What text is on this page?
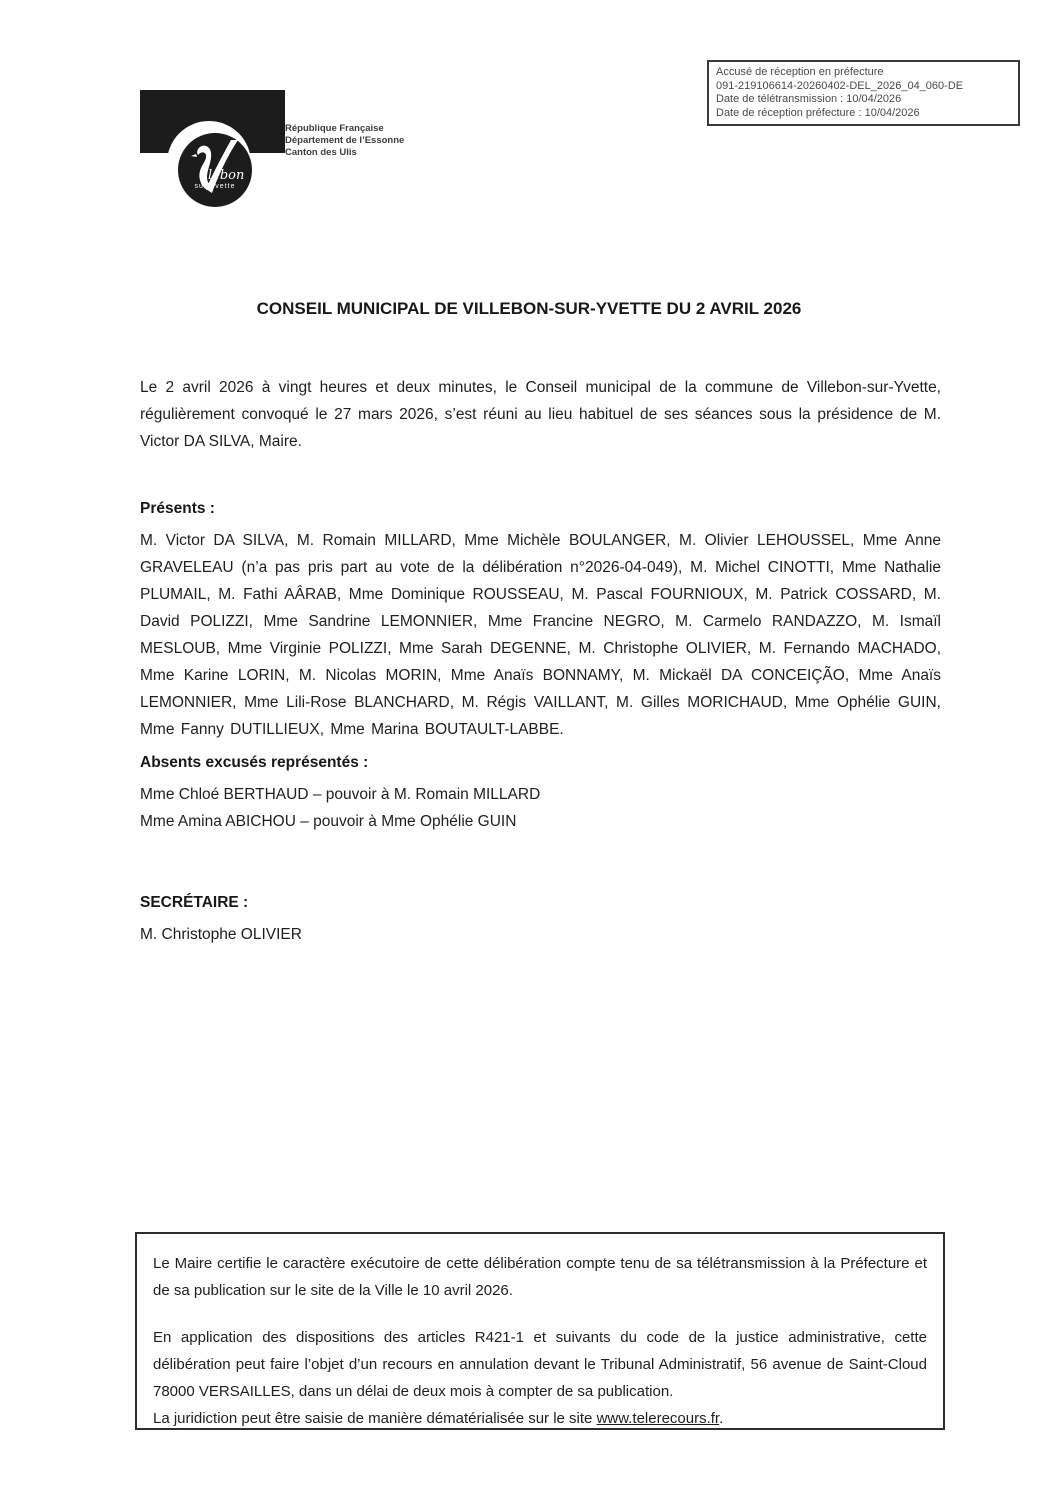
Accusé de réception en préfecture
091-219106614-20260402-DEL_2026_04_060-DE
Date de télétransmission : 10/04/2026
Date de réception préfecture : 10/04/2026
illebon
sur Yvette
République Française
Département de l’Essonne
Canton des Ulis
CONSEIL MUNICIPAL DE VILLEBON-SUR-YVETTE DU 2 AVRIL 2026
Le 2 avril 2026 à vingt heures et deux minutes, le Conseil municipal de la commune de Villebon-sur-Yvette, régulièrement convoqué le 27 mars 2026, s’est réuni au lieu habituel de ses séances sous la présidence de M. Victor DA SILVA, Maire.
Présents :
M. Victor DA SILVA, M. Romain MILLARD, Mme Michèle BOULANGER, M. Olivier LEHOUSSEL, Mme Anne GRAVELEAU (n’a pas pris part au vote de la délibération n°2026-04-049), M. Michel CINOTTI, Mme Nathalie PLUMAIL, M. Fathi AÂRAB, Mme Dominique ROUSSEAU, M. Pascal FOURNIOUX, M. Patrick COSSARD, M. David POLIZZI, Mme Sandrine LEMONNIER, Mme Francine NEGRO, M. Carmelo RANDAZZO, M. Ismaïl MESLOUB, Mme Virginie POLIZZI, Mme Sarah DEGENNE, M. Christophe OLIVIER, M. Fernando MACHADO, Mme Karine LORIN, M. Nicolas MORIN, Mme Anaïs BONNAMY, M. Mickaël DA CONCEIÇÃO, Mme Anaïs LEMONNIER, Mme Lili-Rose BLANCHARD, M. Régis VAILLANT, M. Gilles MORICHAUD, Mme Ophélie GUIN, Mme Fanny DUTILLIEUX, Mme Marina BOUTAULT-LABBE.
Absents excusés représentés :
Mme Chloé BERTHAUD – pouvoir à M. Romain MILLARD
Mme Amina ABICHOU – pouvoir à Mme Ophélie GUIN
SECRÉTAIRE :
M. Christophe OLIVIER

Le Maire certifie le caractère exécutoire de cette délibération compte tenu de sa télétransmission à la Préfecture et de sa publication sur le site de la Ville le 10 avril 2026.

En application des dispositions des articles R421-1 et suivants du code de la justice administrative, cette délibération peut faire l’objet d’un recours en annulation devant le Tribunal Administratif, 56 avenue de Saint-Cloud 78000 VERSAILLES, dans un délai de deux mois à compter de sa publication.

La juridiction peut être saisie de manière dématérialisée sur le site www.telerecours.fr.
